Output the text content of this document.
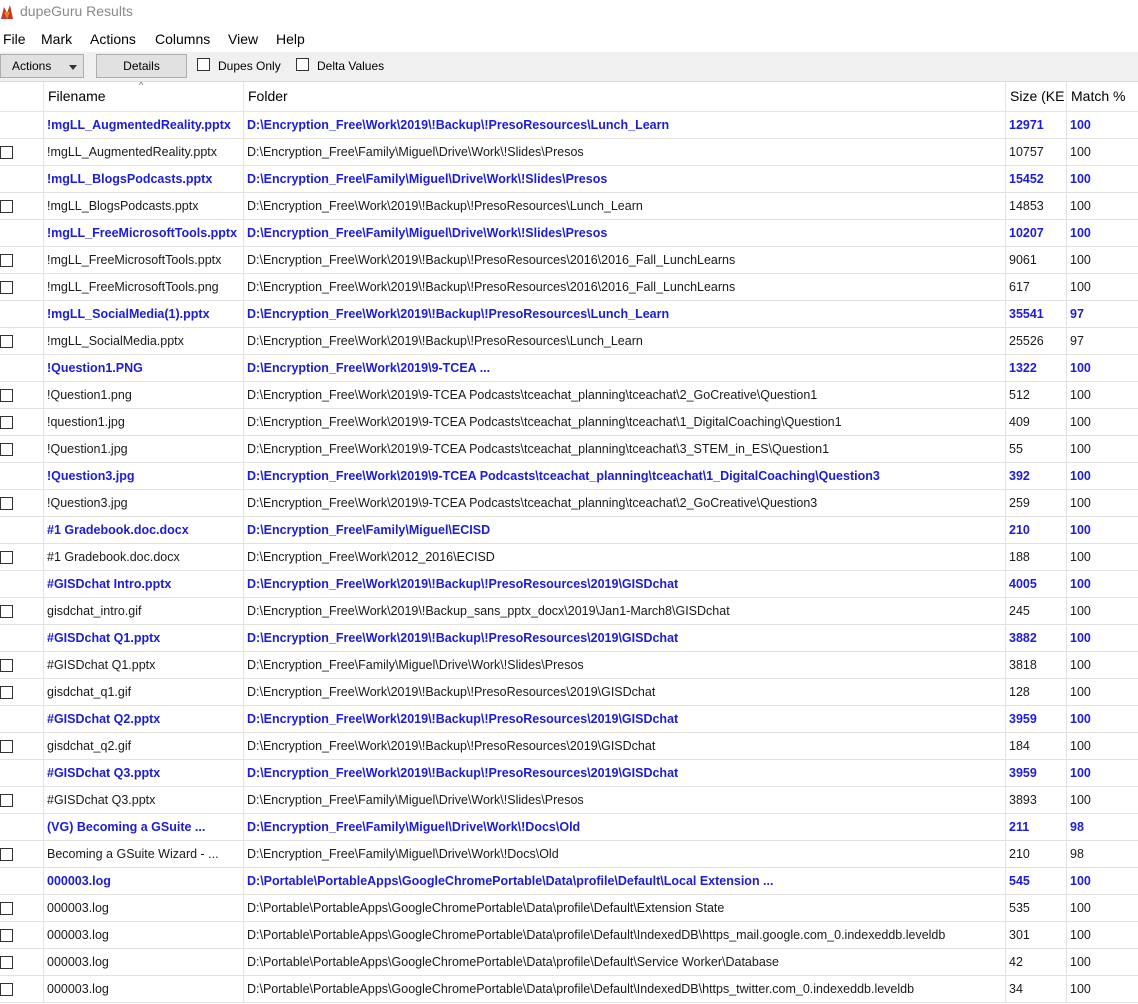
dupeGuru Results
File Mark Actions Columns View Help
Actions	Details	Dupes Only	Delta Values
^
Filename	Folder	Size (KE Match %
!mgLL_AugmentedReality.pptx	D:\Encryption_Free\Work\2019\!Backup\!PresoResources\Lunch_Learn	12971	100
!mgLL_AugmentedReality.pptx	D:\Encryption_Free\Family\Miguel\Drive\Work\!Slides\Presos	10757	100
!mgLL_BlogsPodcasts.pptx	D:\Encryption_Free\Family\Miguel\Drive\Work\!Slides\Presos	15452	100
!mgLL_BlogsPodcasts.pptx	D:\Encryption_Free\Work\2019\!Backup\!PresoResources\Lunch_Learn	14853	100
!mgLL_FreeMicrosoftTools.pptx D:\Encryption_Free\Family\Miguel\Drive\Work\!Slides\Presos	10207	100
!mgLL_FreeMicrosoftTools.pptx	D:\Encryption_Free\Work\2019\!Backup\!PresoResources\2016\2016_Fall_LunchLearns	9061	100
!mgLL_FreeMicrosoftTools.png	D:\Encryption_Free\Work\2019\!Backup\!PresoResources\2016\2016_Fall_LunchLearns	617	100
!mgLL_SocialMedia(1).pptx	D:\Encryption_Free\Work\2019\!Backup\!PresoResources\Lunch_Learn	35541	97
!mgLL_SocialMedia.pptx	D:\Encryption_Free\Work\2019\!Backup\!PresoResources\Lunch_Learn	25526	97
!Question1.PNG	D:\Encryption_Free\Work\2019\9-TCEA ...	1322	100
!Question1.png	D:\Encryption_Free\Work\2019\9-TCEA Podcasts\tceachat_planning\tceachat\2_GoCreative\Question1	512	100
!question1.jpg	D:\Encryption_Free\Work\2019\9-TCEA Podcasts\tceachat_planning\tceachat\1_DigitalCoaching\Question1	409	100
!Question1.jpg	D:\Encryption_Free\Work\2019\9-TCEA Podcasts\tceachat_planning\tceachat\3_STEM_in_ES\Question1	55	100
!Question3.jpg	D:\Encryption_Free\Work\2019\9-TCEA Podcasts\tceachat_planning\tceachat\1_DigitalCoaching\Question3	392	100
!Question3.jpg	D:\Encryption_Free\Work\2019\9-TCEA Podcasts\tceachat_planning\tceachat\2_GoCreative\Question3	259	100
#1 Gradebook.doc.docx	D:\Encryption_Free\Family\Miguel\ECISD	210	100
#1 Gradebook.doc.docx	D:\Encryption_Free\Work\2012_2016\ECISD	188	100
#GISDchat Intro.pptx	D:\Encryption_Free\Work\2019\!Backup\!PresoResources\2019\GISDchat	4005	100
gisdchat_intro.gif	D:\Encryption_Free\Work\2019\!Backup_sans_pptx_docx\2019\Jan1-March8\GISDchat	245	100
#GISDchat Q1.pptx	D:\Encryption_Free\Work\2019\!Backup\!PresoResources\2019\GISDchat	3882	100
#GISDchat Q1.pptx	D:\Encryption_Free\Family\Miguel\Drive\Work\!Slides\Presos	3818	100
gisdchat_q1.gif	D:\Encryption_Free\Work\2019\!Backup\!PresoResources\2019\GISDchat	128	100
#GISDchat Q2.pptx	D:\Encryption_Free\Work\2019\!Backup\!PresoResources\2019\GISDchat	3959	100
gisdchat_q2.gif	D:\Encryption_Free\Work\2019\!Backup\!PresoResources\2019\GISDchat	184	100
#GISDchat Q3.pptx	D:\Encryption_Free\Work\2019\!Backup\!PresoResources\2019\GISDchat	3959	100
#GISDchat Q3.pptx	D:\Encryption_Free\Family\Miguel\Drive\Work\!Slides\Presos	3893	100
(VG) Becoming a GSuite ...	D:\Encryption_Free\Family\Miguel\Drive\Work\!Docs\Old	211	98
Becoming a GSuite Wizard - ...	D:\Encryption_Free\Family\Miguel\Drive\Work\!Docs\Old	210	98
000003.log	D:\Portable\PortableApps\GoogleChromePortable\Data\profile\Default\Local Extension ...	545	100
000003.log	D:\Portable\PortableApps\GoogleChromePortable\Data\profile\Default\Extension State	535	100
000003.log	D:\Portable\PortableApps\GoogleChromePortable\Data\profile\Default\IndexedDB\https_mail.google.com_0.indexeddb.leveldb	301	100
000003.log	D:\Portable\PortableApps\GoogleChromePortable\Data\profile\Default\Service Worker\Database	42	100
000003.log	D:\Portable\PortableApps\GoogleChromePortable\Data\profile\Default\IndexedDB\https_twitter.com_0.indexeddb.leveldb	34	100
